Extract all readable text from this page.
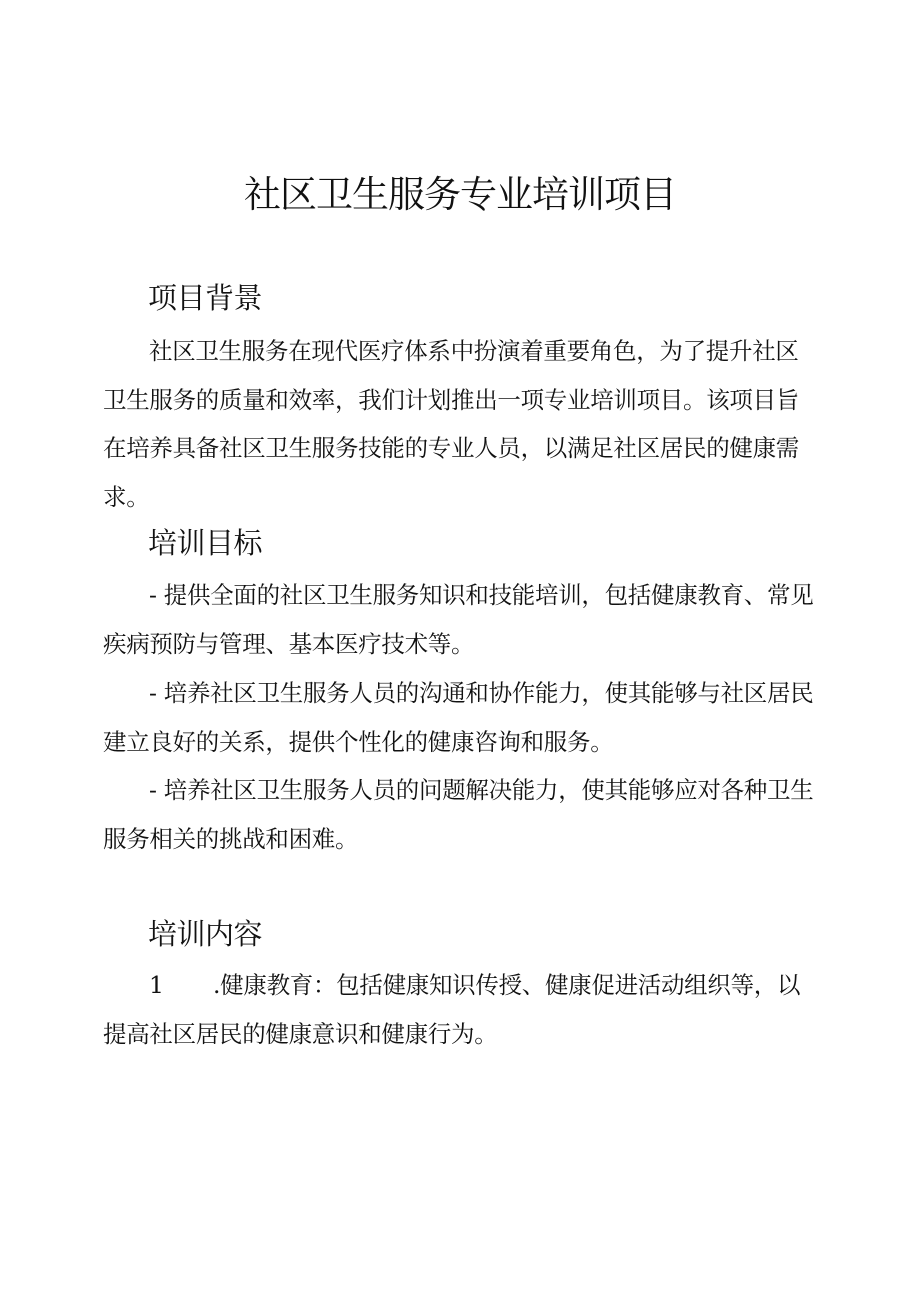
社区卫生服务专业培训项目
项目背景

社区卫生服务在现代医疗体系中扮演着重要角色，为了提升社区卫生服务的质量和效率，我们计划推出一项专业培训项目。该项目旨在培养具备社区卫生服务技能的专业人员，以满足社区居民的健康需求。

培训目标

- 提供全面的社区卫生服务知识和技能培训，包括健康教育、常见疾病预防与管理、基本医疗技术等。

- 培养社区卫生服务人员的沟通和协作能力，使其能够与社区居民建立良好的关系，提供个性化的健康咨询和服务。

- 培养社区卫生服务人员的问题解决能力，使其能够应对各种卫生服务相关的挑战和困难。

培训内容

1 .健康教育：包括健康知识传授、健康促进活动组织等，以提高社区居民的健康意识和健康行为。
